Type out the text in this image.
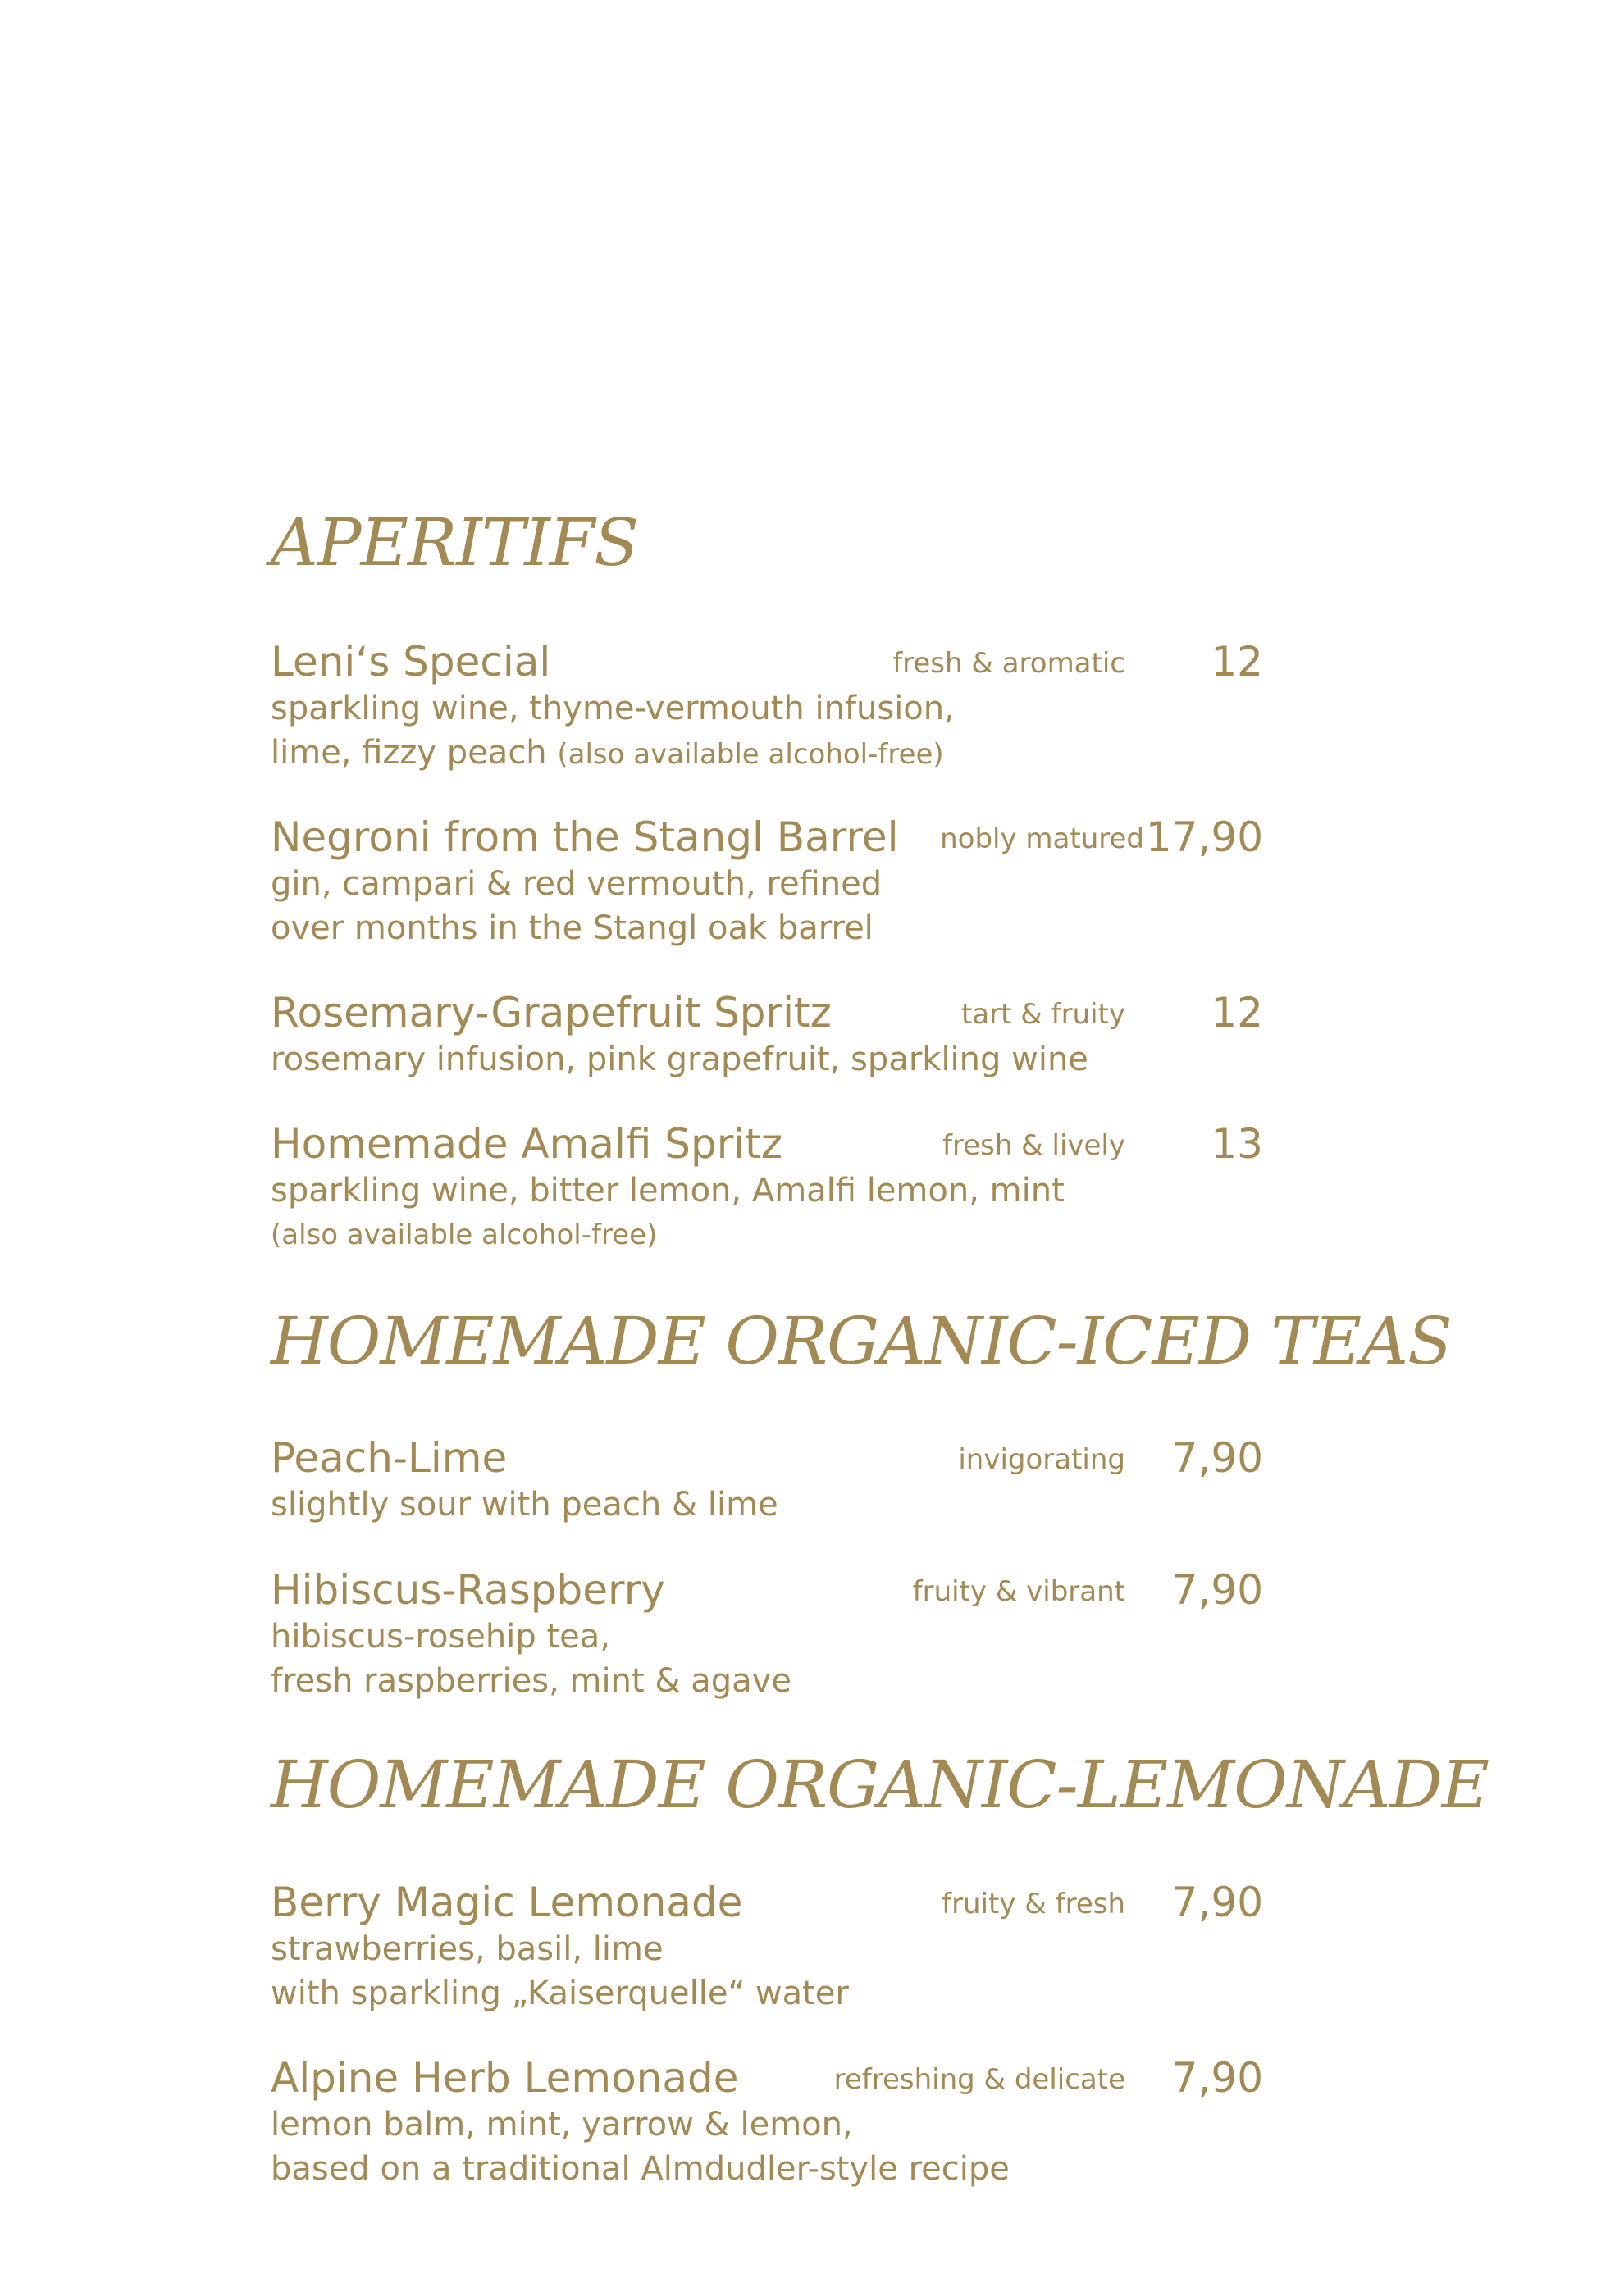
APERITIFS
Leni‘s Special	fresh & aromatic 12
sparkling wine, thyme-vermouth infusion,
lime, fizzy peach (also available alcohol-free)
Negroni from the Stangl Barrel nobly matured 17,90
gin, campari & red vermouth, refined
over months in the Stangl oak barrel
Rosemary-Grapefruit Spritz	tart & fruity 12
rosemary infusion, pink grapefruit, sparkling wine
Homemade Amalfi Spritz	fresh & lively 13
sparkling wine, bitter lemon, Amalfi lemon, mint
(also available alcohol-free)
HOMEMADE ORGANIC-ICED TEAS
Peach-Lime	invigorating 7,90
slightly sour with peach & lime
Hibiscus-Raspberry	fruity & vibrant 7,90
hibiscus-rosehip tea,
fresh raspberries, mint & agave
HOMEMADE ORGANIC-LEMONADE
Berry Magic Lemonade	fruity & fresh 7,90
strawberries, basil, lime
with sparkling „Kaiserquelle“ water
Alpine Herb Lemonade	refreshing & delicate 7,90
lemon balm, mint, yarrow & lemon,
based on a traditional Almdudler-style recipe
